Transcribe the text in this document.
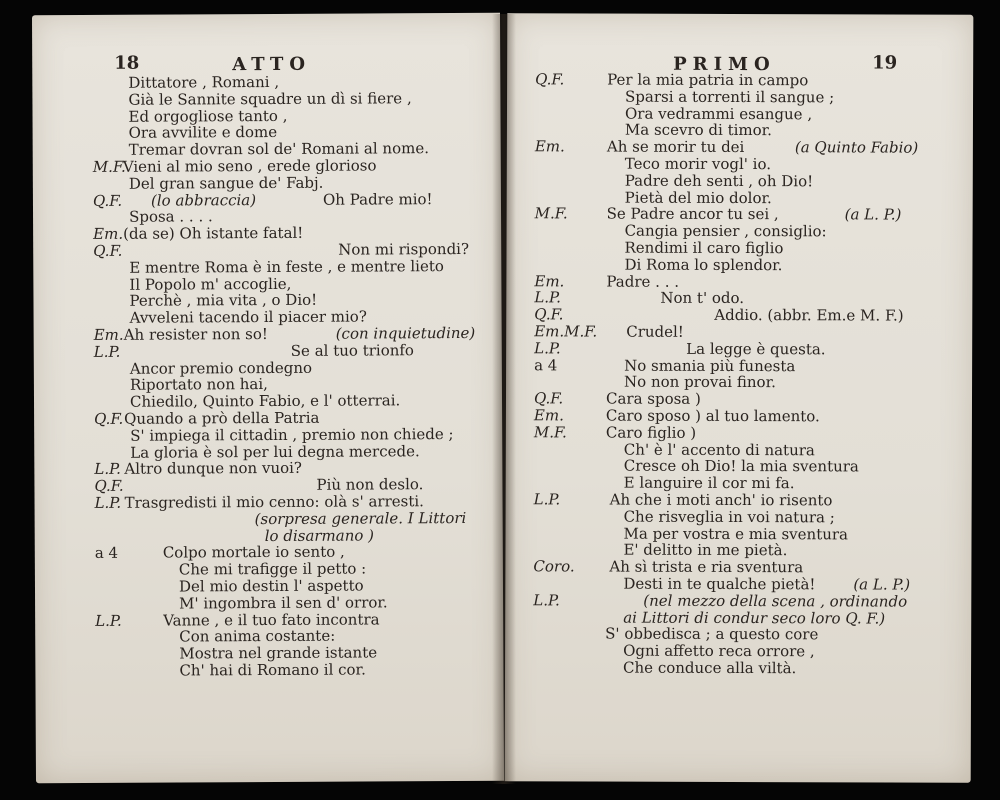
18	ATTO
Dittatore , Romani ,
Già le Sannite squadre un dì si fiere ,
Ed orgogliose tanto ,
Ora avvilite e dome
Tremar dovran sol de' Romani al nome.
M.F.
Vieni al mio seno , erede glorioso
Del gran sangue de' Fabj.
Q.F. (lo abbraccia)	Oh Padre mio!
Sposa . . . .
Em. (da se) Oh istante fatal!
Q.F.	Non mi rispondi?
E mentre Roma è in feste , e mentre lieto
Il Popolo m' accoglie,
Perchè , mia vita , o Dio!
Avveleni tacendo il piacer mio?
Em. Ah resister non so!	(con inquietudine)
L.P.	Se al tuo trionfo
Ancor premio condegno
Riportato non hai,
Chiedilo, Quinto Fabio, e l' otterrai.
Q.F. Quando a prò della Patria
S' impiega il cittadin , premio non chiede ;
La gloria è sol per lui degna mercede.
L.P. Altro dunque non vuoi?
Q.F.	Più non deslo.
L.P. Trasgredisti il mio cenno: olà s' arresti.
(sorpresa generale. I Littori
lo disarmano )
a 4	Colpo mortale io sento ,
Che mi trafigge il petto :
Del mio destin l' aspetto
M' ingombra il sen d' orror.
L.P.	Vanne , e il tuo fato incontra
Con anima costante:
Mostra nel grande istante
Ch' hai di Romano il cor.
19
PRIMO
Q.F.	Per la mia patria in campo
Sparsi a torrenti il sangue ;
Ora vedrammi esangue ,
Ma scevro di timor.
Em.	Ah se morir tu dei	(a Quinto Fabio)
Teco morir vogl' io.
Padre deh senti , oh Dio!
Pietà del mio dolor.
M.F.	Se Padre ancor tu sei ,	(a L. P.)
Cangia pensier , consiglio:
Rendimi il caro figlio
Di Roma lo splendor.
Em.	Padre . . .
L.P.	Non t' odo.
Q.F.	Addio. (abbr. Em.e M. F.)
Em.M.F. Crudel!
L.P.	La legge è questa.
a 4	No smania più funesta
No non provai finor.
Q.F.	Cara sposa )
Em.	Caro sposo ) al tuo lamento.
M.F.	Caro figlio )
Ch' è l' accento di natura
Cresce oh Dio! la mia sventura
E languire il cor mi fa.
L.P.	Ah che i moti anch' io risento
Che risveglia in voi natura ;
Ma per vostra e mia sventura
E' delitto in me pietà.
Coro. Ah sì trista e ria sventura
Desti in te qualche pietà!	(a L. P.)
L.P.	(nel mezzo della scena , ordinando
ai Littori di condur seco loro Q. F.)
S' obbedisca ; a questo core
Ogni affetto reca orrore ,
Che conduce alla viltà.
